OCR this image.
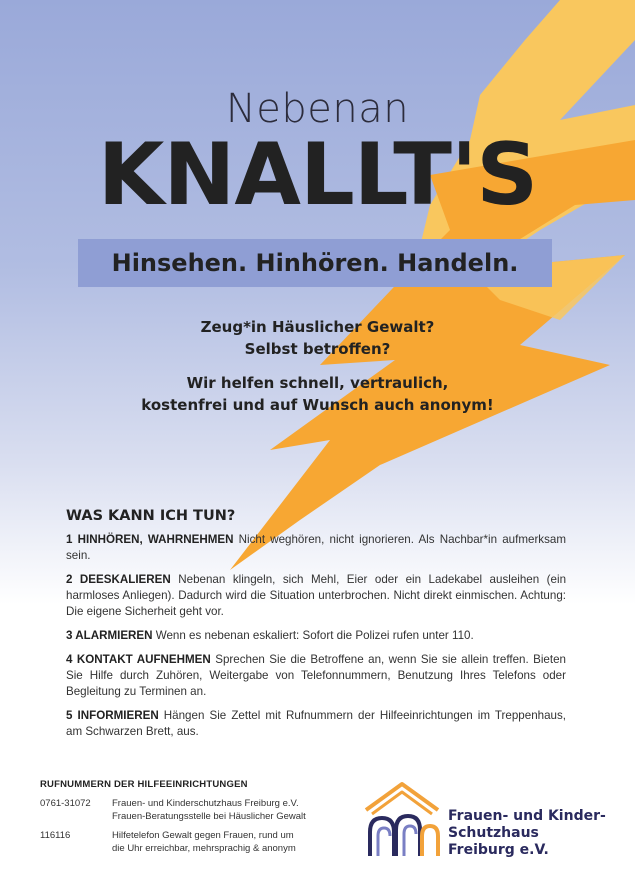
Nebenan
KNALLT'S
Hinsehen. Hinhören. Handeln.
Zeug*in Häuslicher Gewalt?
Selbst betroffen?
Wir helfen schnell, vertraulich,
kostenfrei und auf Wunsch auch anonym!
WAS KANN ICH TUN?
1 HINHÖREN, WAHRNEHMEN Nicht weghören, nicht ignorieren. Als Nachbar*in aufmerksam sein.
2 DEESKALIEREN Nebenan klingeln, sich Mehl, Eier oder ein Ladekabel ausleihen (ein harmloses Anliegen). Dadurch wird die Situation unterbrochen. Nicht direkt einmischen. Achtung: Die eigene Sicherheit geht vor.
3 ALARMIEREN Wenn es nebenan eskaliert: Sofort die Polizei rufen unter 110.
4 KONTAKT AUFNEHMEN Sprechen Sie die Betroffene an, wenn Sie sie allein treffen. Bieten Sie Hilfe durch Zuhören, Weitergabe von Telefonnummern, Benutzung Ihres Telefons oder Begleitung zu Terminen an.
5 INFORMIEREN Hängen Sie Zettel mit Rufnummern der Hilfeeinrichtungen im Treppenhaus, am Schwarzen Brett, aus.
RUFNUMMERN DER HILFEEINRICHTUNGEN
0761-31072	Frauen- und Kinderschutzhaus Freiburg e.V.
Frauen-Beratungsstelle bei Häuslicher Gewalt
116116	Hilfetelefon Gewalt gegen Frauen, rund um
die Uhr erreichbar, mehrsprachig & anonym
Frauen- und Kinder-
Schutzhaus
Freiburg e.V.
